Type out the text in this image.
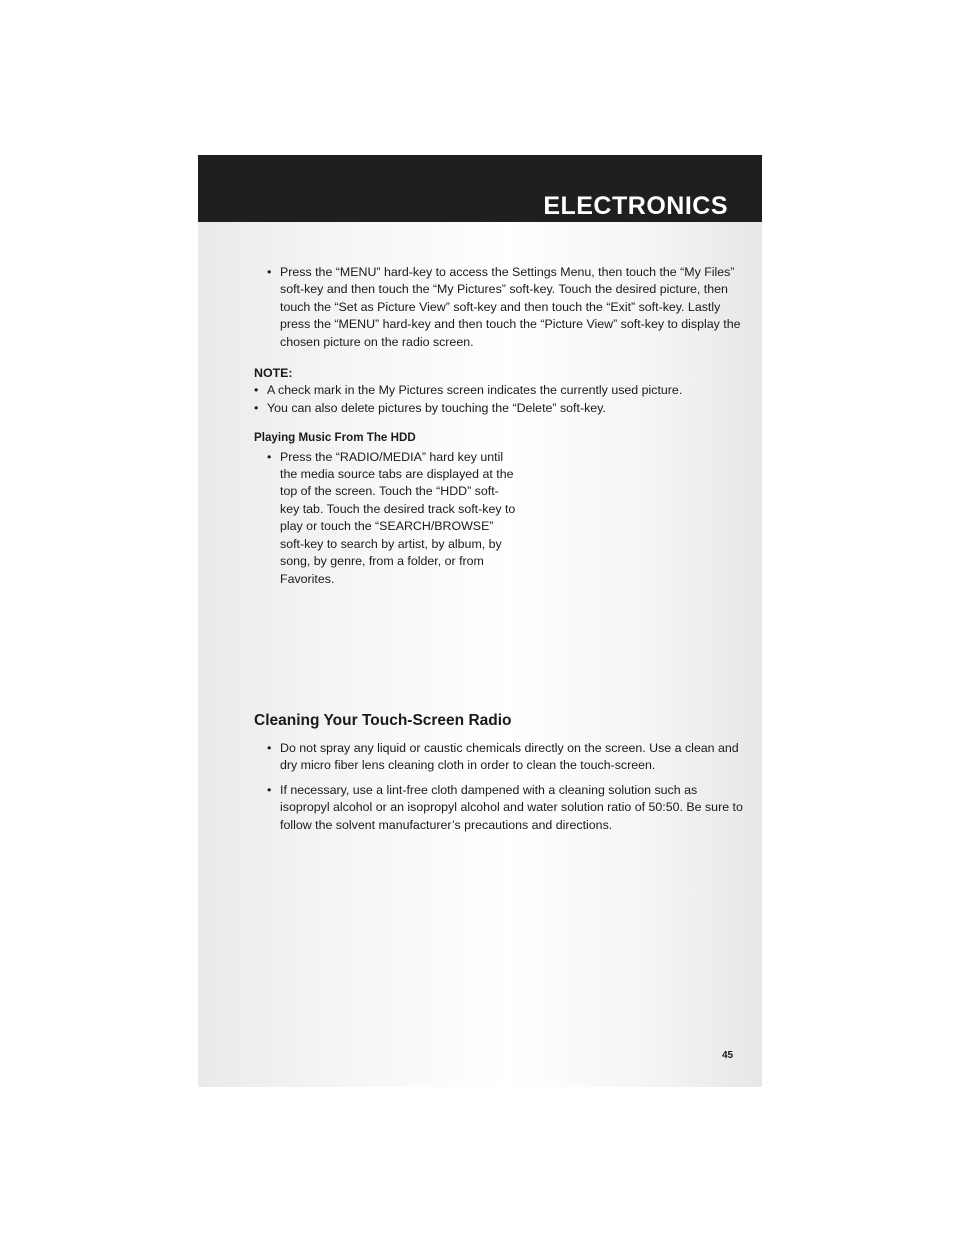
ELECTRONICS

• Press the “MENU” hard-key to access the Settings Menu, then touch the “My Files” soft-key and then touch the “My Pictures” soft-key. Touch the desired picture, then touch the “Set as Picture View” soft-key and then touch the “Exit” soft-key. Lastly press the “MENU” hard-key and then touch the “Picture View” soft-key to display the chosen picture on the radio screen.

NOTE:

• A check mark in the My Pictures screen indicates the currently used picture.

• You can also delete pictures by touching the “Delete” soft-key.

Playing Music From The HDD

• Press the “RADIO/MEDIA” hard key until the media source tabs are displayed at the top of the screen. Touch the “HDD” soft-key tab. Touch the desired track soft-key to play or touch the “SEARCH/BROWSE” soft-key to search by artist, by album, by song, by genre, from a folder, or from Favorites.

Cleaning Your Touch-Screen Radio

• Do not spray any liquid or caustic chemicals directly on the screen. Use a clean and dry micro fiber lens cleaning cloth in order to clean the touch-screen.

• If necessary, use a lint-free cloth dampened with a cleaning solution such as isopropyl alcohol or an isopropyl alcohol and water solution ratio of 50:50. Be sure to follow the solvent manufacturer’s precautions and directions.

45
